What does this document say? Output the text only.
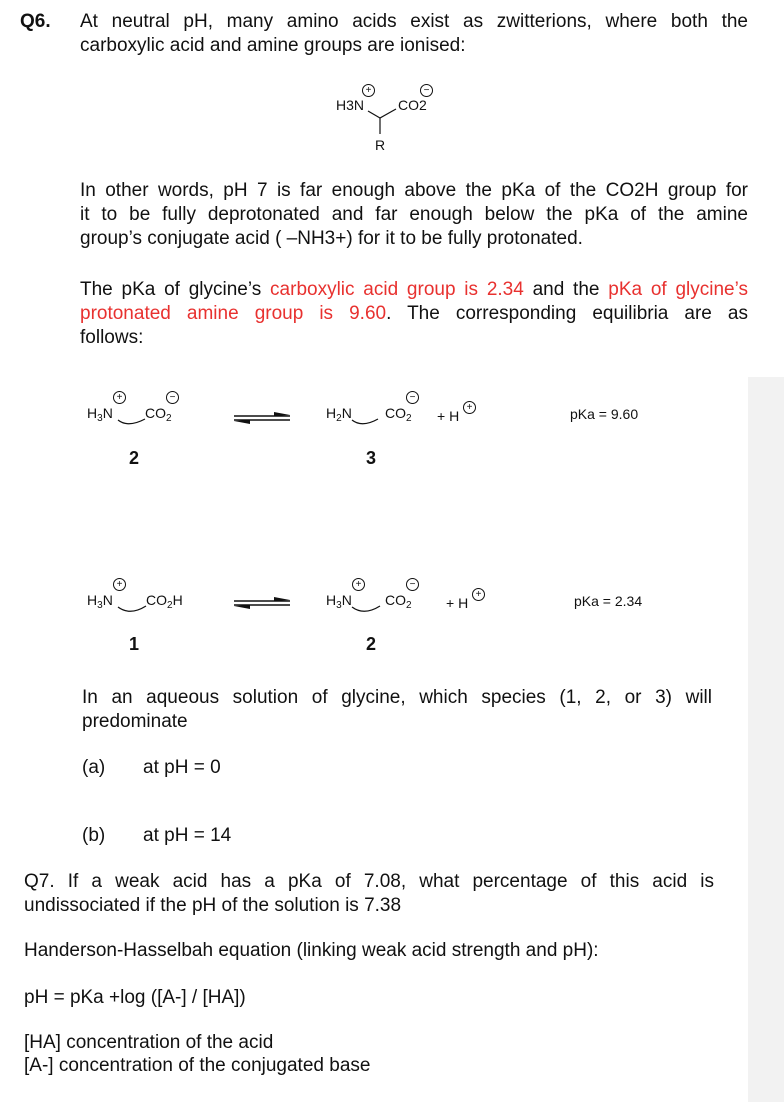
Q6. At neutral pH, many amino acids exist as zwitterions, where both the

carboxylic acid and amine groups are ionised:

+
H3N
−
CO2
R

In other words, pH 7 is far enough above the pKa of the CO2H group for

it to be fully deprotonated and far enough below the pKa of the amine

group’s conjugate acid ( –NH3+) for it to be fully protonated.

The pKa of glycine’s carboxylic acid group is 2.34 and the pKa of glycine’s

protonated amine group is 9.60. The corresponding equilibria are as

follows:

+
$H_3N$
−
$CO_2$
2
$H_2N$
−
$CO_2 + H$
+
3
pKa = 9.60
+
$H_3N$ $CO_2H$
1
+
$H_3N$
−
$CO_2 + H$
+
2
pKa = 2.34

In an aqueous solution of glycine, which species (1, 2, or 3) will

predominate

(a) at pH = 0
(b) at pH = 14

Q7. If a weak acid has a pKa of 7.08, what percentage of this acid is

undissociated if the pH of the solution is 7.38

Handerson-Hasselbah equation (linking weak acid strength and pH):

pH = pKa +log ([A-] / [HA])

[HA] concentration of the acid

[A-] concentration of the conjugated base
